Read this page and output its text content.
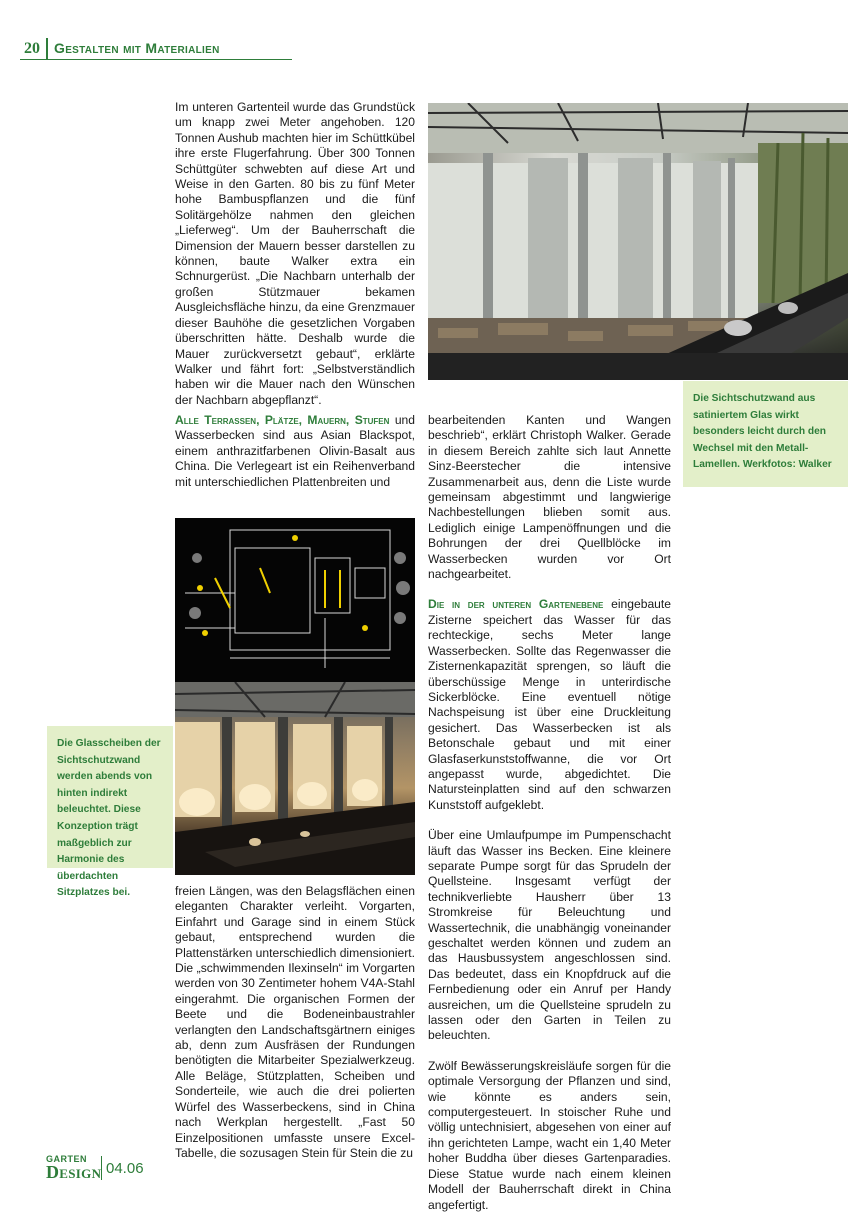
20 Gestalten mit Materialien
Die Sichtschutzwand aus satiniertem Glas wirkt besonders leicht durch den Wechsel mit den Metall-Lamellen. Werkfotos: Walker

Im unteren Gartenteil wurde das Grundstück um knapp zwei Meter angehoben. 120 Tonnen Aushub machten hier im Schüttkübel ihre erste Flugerfahrung. Über 300 Tonnen Schüttgüter schwebten auf diese Art und Weise in den Garten. 80 bis zu fünf Meter hohe Bambuspflanzen und die fünf Solitärgehölze nahmen den gleichen „Lieferweg“. Um der Bauherrschaft die Dimension der Mauern besser darstellen zu können, baute Walker extra ein Schnurgerüst. „Die Nachbarn unterhalb der großen Stützmauer bekamen Ausgleichsfläche hinzu, da eine Grenzmauer dieser Bauhöhe die gesetzlichen Vorgaben überschritten hätte. Deshalb wurde die Mauer zurückversetzt gebaut“, erklärte Walker und fährt fort: „Selbstverständlich haben wir die Mauer nach den Wünschen der Nachbarn abgepflanzt“.

Alle Terrassen, Plätze, Mauern, Stufen und Wasserbecken sind aus Asian Blackspot, einem anthrazitfarbenen Olivin-Basalt aus China. Die Verlegeart ist ein Reihenverband mit unterschiedlichen Plattenbreiten und

Die Glasscheiben der Sichtschutzwand werden abends von hinten indirekt beleuchtet. Diese Konzeption trägt maßgeblich zur Harmonie des überdachten Sitzplatzes bei.	freien Längen, was den Belagsflächen einen eleganten Charakter verleiht. Vorgarten, Einfahrt und Garage sind in einem Stück gebaut, entsprechend wurden die Plattenstärken unterschiedlich dimensioniert. Die „schwimmenden Ilexinseln“ im Vorgarten werden von 30 Zentimeter hohem V4A-Stahl eingerahmt. Die organischen Formen der Beete und die Bodeneinbaustrahler verlangten den Landschaftsgärtnern einiges ab, denn zum Ausfräsen der Rundungen benötigten die Mitarbeiter Spezialwerkzeug. Alle Beläge, Stützplatten, Scheiben und Sonderteile, wie auch die drei polierten Würfel des Wasserbeckens, sind in China nach Werkplan hergestellt. „Fast 50 Einzelpositionen umfasste unsere Excel-Tabelle, die sozusagen Stein für Stein die zu

bearbeitenden Kanten und Wangen beschrieb“, erklärt Christoph Walker. Gerade in diesem Bereich zahlte sich laut Annette Sinz-Beerstecher die intensive Zusammenarbeit aus, denn die Liste wurde gemeinsam abgestimmt und langwierige Nachbestellungen blieben somit aus. Lediglich einige Lampenöffnungen und die Bohrungen der drei Quellblöcke im Wasserbecken wurden vor Ort nachgearbeitet.

Die in der unteren Gartenebene eingebaute Zisterne speichert das Wasser für das rechteckige, sechs Meter lange Wasserbecken. Sollte das Regenwasser die Zisternenkapazität sprengen, so läuft die überschüssige Menge in unterirdische Sickerblöcke. Eine eventuell nötige Nachspeisung ist über eine Druckleitung gesichert. Das Wasserbecken ist als Betonschale gebaut und mit einer Glasfaserkunststoffwanne, die vor Ort angepasst wurde, abgedichtet. Die Natursteinplatten sind auf den schwarzen Kunststoff aufgeklebt.

Über eine Umlaufpumpe im Pumpenschacht läuft das Wasser ins Becken. Eine kleinere separate Pumpe sorgt für das Sprudeln der Quellsteine. Insgesamt verfügt der technikverliebte Hausherr über 13 Stromkreise für Beleuchtung und Wassertechnik, die unabhängig voneinander geschaltet werden können und zudem an das Hausbussystem angeschlossen sind. Das bedeutet, dass ein Knopfdruck auf die Fernbedienung oder ein Anruf per Handy ausreichen, um die Quellsteine sprudeln zu lassen oder den Garten in Teilen zu beleuchten.

Zwölf Bewässerungskreisläufe sorgen für die optimale Versorgung der Pflanzen und sind, wie könnte es anders sein, computergesteuert. In stoischer Ruhe und völlig untechnisiert, abgesehen von einer auf ihn gerichteten Lampe, wacht ein 1,40 Meter hoher Buddha über dieses Gartenparadies. Diese Statue wurde nach einem kleinen Modell der Bauherrschaft direkt in China angefertigt.

GARTEN
Design 04.06
